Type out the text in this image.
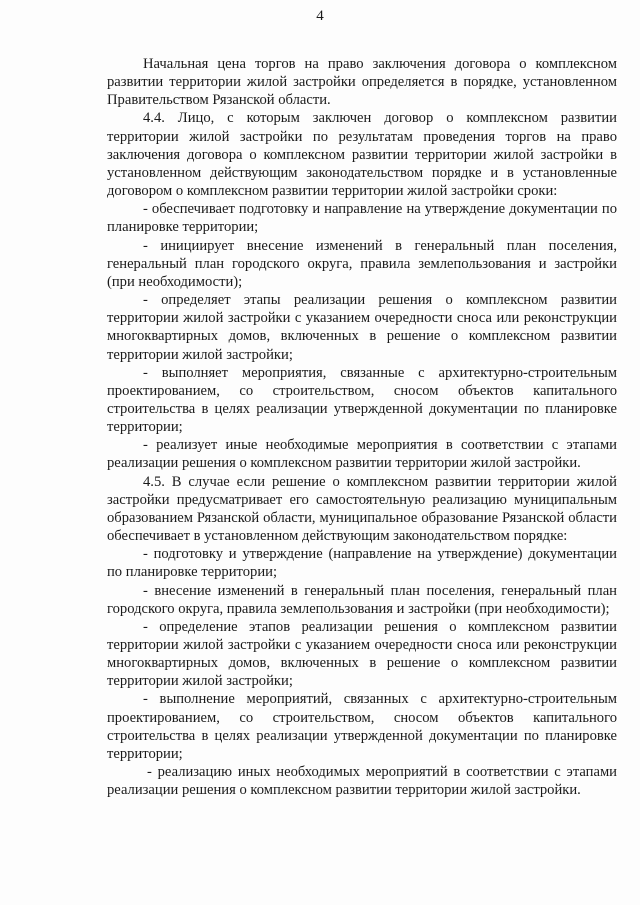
4

Начальная цена торгов на право заключения договора о комплексном развитии территории жилой застройки определяется в порядке, установленном Правительством Рязанской области.

4.4. Лицо, с которым заключен договор о комплексном развитии территории жилой застройки по результатам проведения торгов на право заключения договора о комплексном развитии территории жилой застройки в установленном действующим законодательством порядке и в установленные договором о комплексном развитии территории жилой застройки сроки:

- обеспечивает подготовку и направление на утверждение документации по планировке территории;

- инициирует внесение изменений в генеральный план поселения, генеральный план городского округа, правила землепользования и застройки (при необходимости);

- определяет этапы реализации решения о комплексном развитии территории жилой застройки с указанием очередности сноса или реконструкции многоквартирных домов, включенных в решение о комплексном развитии территории жилой застройки;

- выполняет мероприятия, связанные с архитектурно-строительным проектированием, со строительством, сносом объектов капитального строительства в целях реализации утвержденной документации по планировке территории;

- реализует иные необходимые мероприятия в соответствии с этапами реализации решения о комплексном развитии территории жилой застройки.

4.5. В случае если решение о комплексном развитии территории жилой застройки предусматривает его самостоятельную реализацию муниципальным образованием Рязанской области, муниципальное образование Рязанской области обеспечивает в установленном действующим законодательством порядке:

- подготовку и утверждение (направление на утверждение) документации по планировке территории;

- внесение изменений в генеральный план поселения, генеральный план городского округа, правила землепользования и застройки (при необходимости);

- определение этапов реализации решения о комплексном развитии территории жилой застройки с указанием очередности сноса или реконструкции многоквартирных домов, включенных в решение о комплексном развитии территории жилой застройки;

- выполнение мероприятий, связанных с архитектурно-строительным проектированием, со строительством, сносом объектов капитального строительства в целях реализации утвержденной документации по планировке территории;

- реализацию иных необходимых мероприятий в соответствии с этапами реализации решения о комплексном развитии территории жилой застройки.
